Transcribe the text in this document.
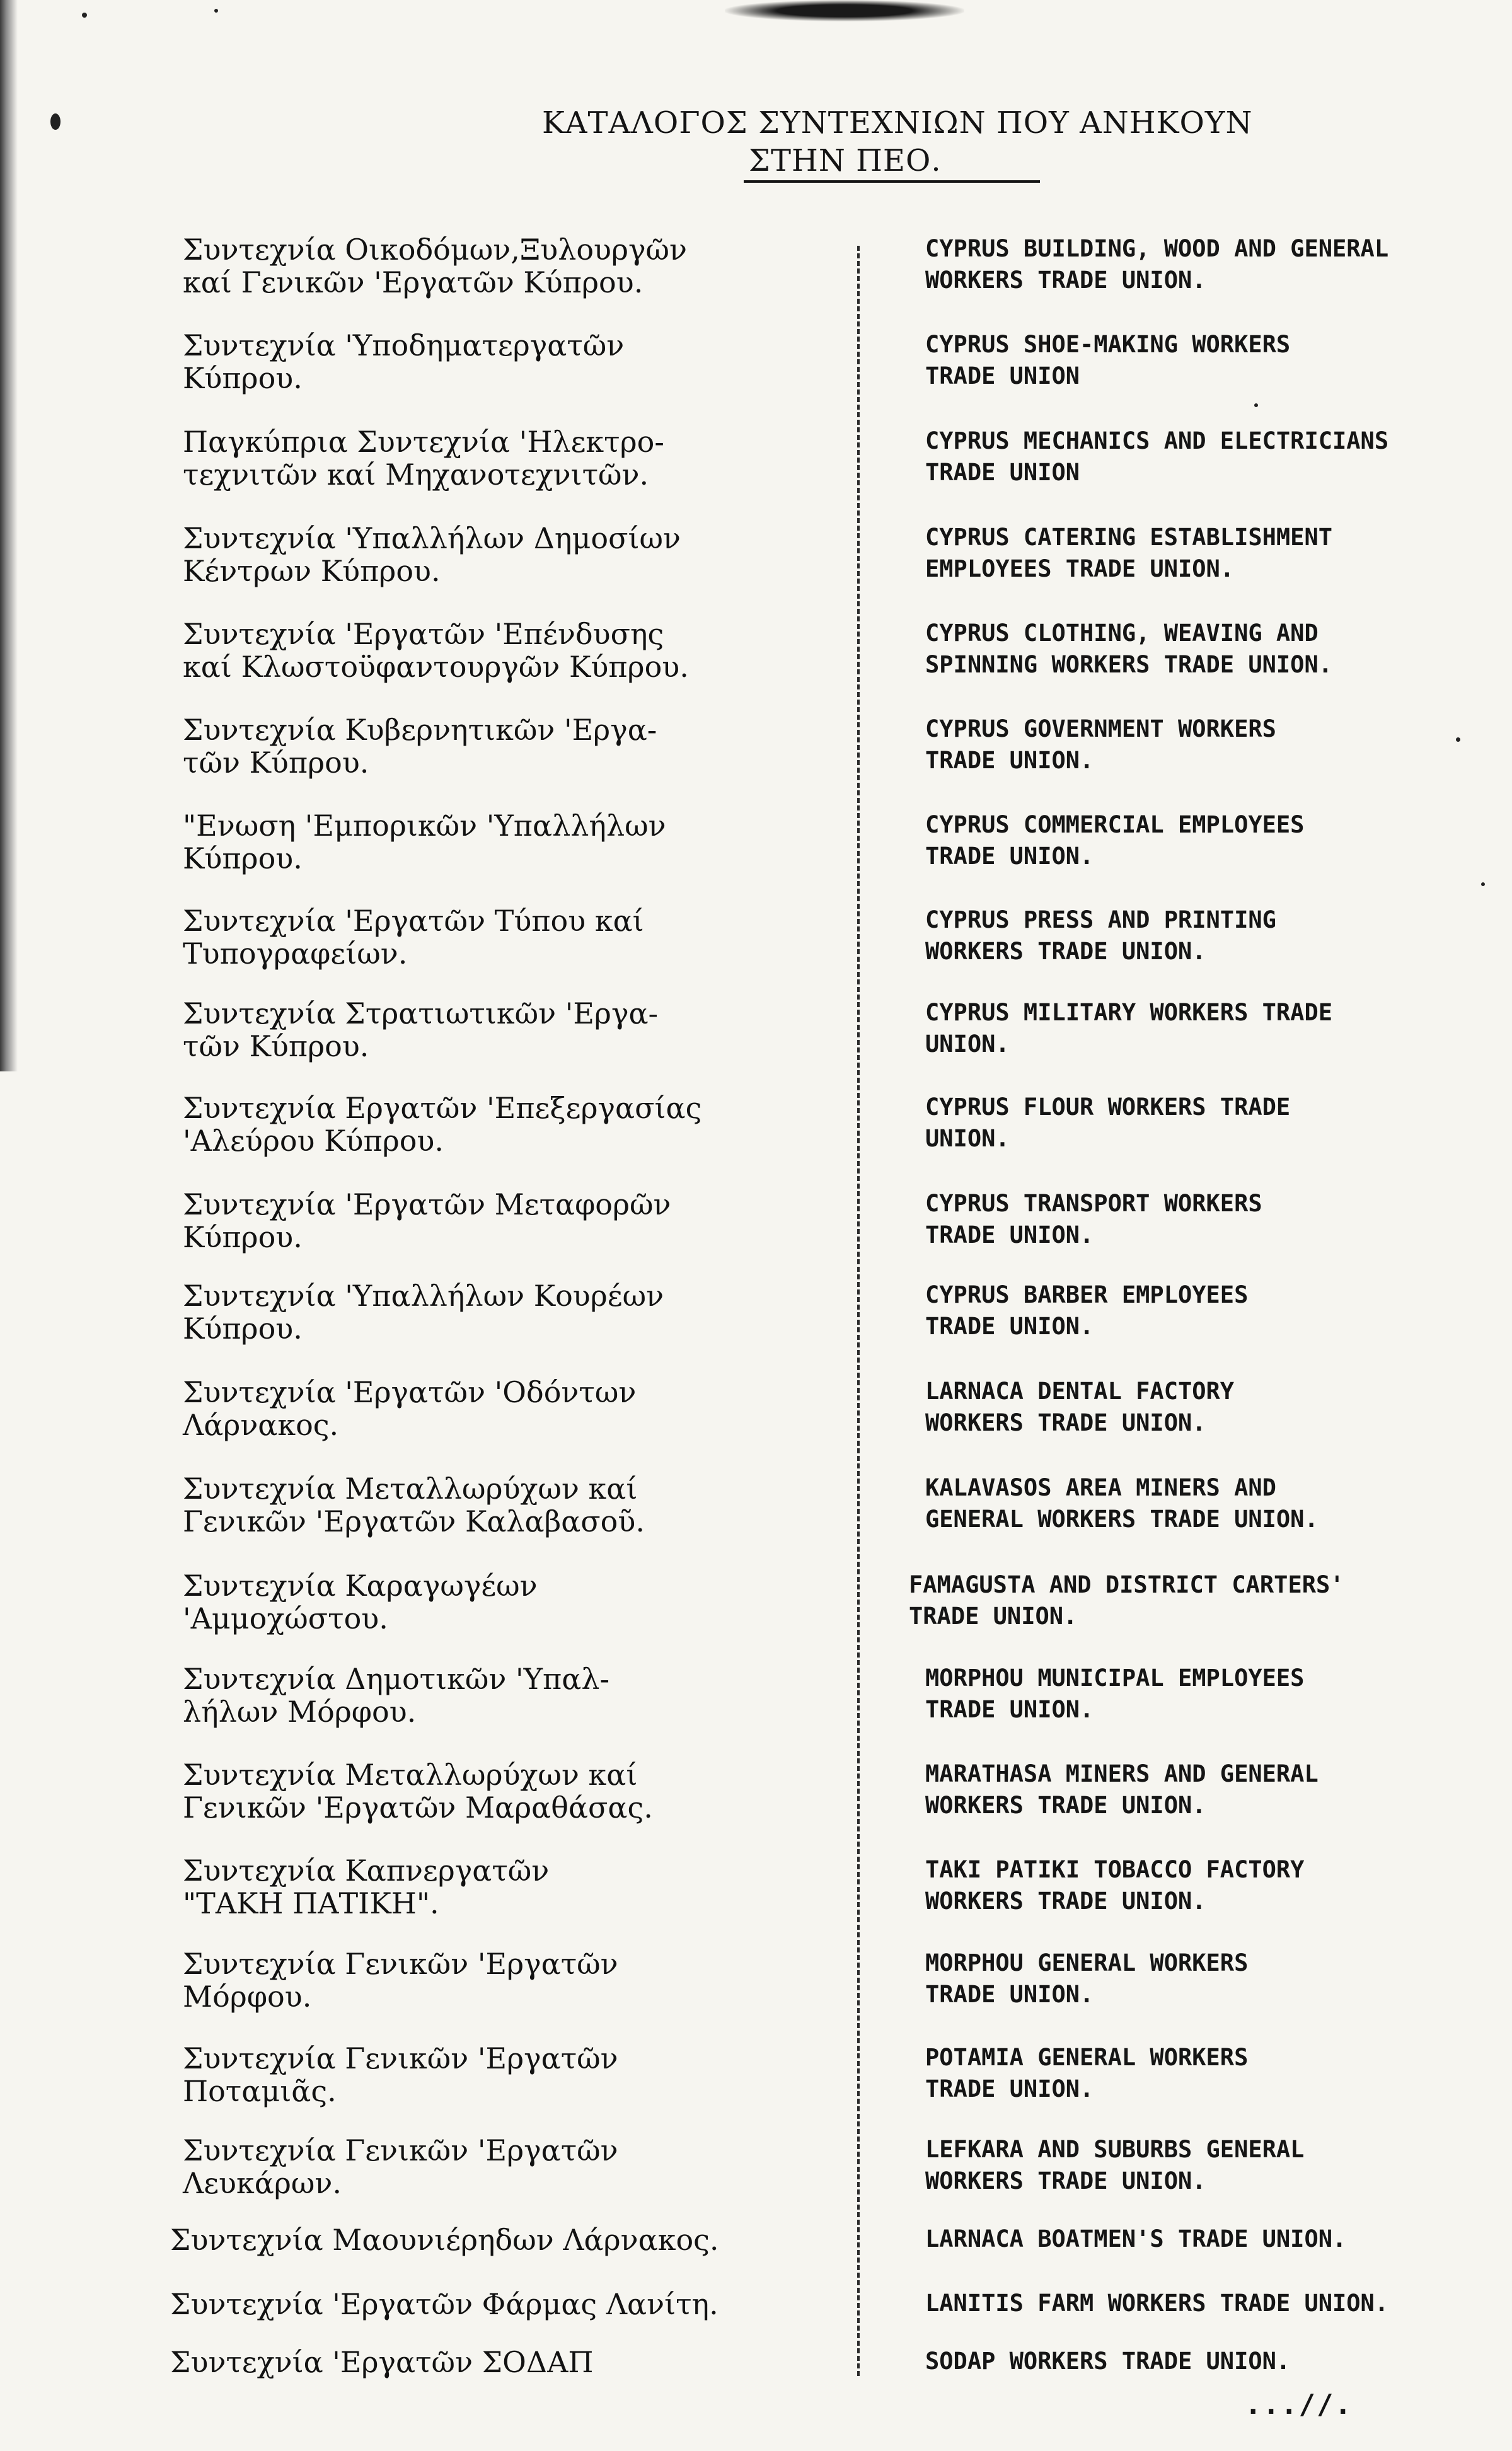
ΚΑΤΑΛΟΓΟΣ ΣΥΝΤΕΧΝΙΩΝ ΠΟΥ ΑΝΗΚΟΥΝ
ΣΤΗΝ ΠΕΟ.
Συντεχνία Οικοδόμων,Ξυλουργῶν
καί Γενικῶν 'Εργατῶν Κύπρου.
CYPRUS BUILDING, WOOD AND GENERAL
WORKERS TRADE UNION.
Συντεχνία 'Υποδηματεργατῶν
Κύπρου.
CYPRUS SHOE-MAKING WORKERS
TRADE UNION
Παγκύπρια Συντεχνία 'Ηλεκτρο-
τεχνιτῶν καί Μηχανοτεχνιτῶν.
CYPRUS MECHANICS AND ELECTRICIANS
TRADE UNION
Συντεχνία 'Υπαλλήλων Δημοσίων
Κέντρων Κύπρου.
CYPRUS CATERING ESTABLISHMENT
EMPLOYEES TRADE UNION.
Συντεχνία 'Εργατῶν 'Επένδυσης
καί Κλωστοϋφαντουργῶν Κύπρου.
CYPRUS CLOTHING, WEAVING AND
SPINNING WORKERS TRADE UNION.
Συντεχνία Κυβερνητικῶν 'Εργα-
τῶν Κύπρου.
CYPRUS GOVERNMENT WORKERS
TRADE UNION.
"Ενωση 'Εμπορικῶν 'Υπαλλήλων
Κύπρου.
CYPRUS COMMERCIAL EMPLOYEES
TRADE UNION.
Συντεχνία 'Εργατῶν Τύπου καί
Τυπογραφείων.
CYPRUS PRESS AND PRINTING
WORKERS TRADE UNION.
Συντεχνία Στρατιωτικῶν 'Εργα-
τῶν Κύπρου.
CYPRUS MILITARY WORKERS TRADE
UNION.
Συντεχνία Εργατῶν 'Επεξεργασίας
'Αλεύρου Κύπρου.
CYPRUS FLOUR WORKERS TRADE
UNION.
Συντεχνία 'Εργατῶν Μεταφορῶν
Κύπρου.
CYPRUS TRANSPORT WORKERS
TRADE UNION.
Συντεχνία 'Υπαλλήλων Κουρέων
Κύπρου.
CYPRUS BARBER EMPLOYEES
TRADE UNION.
Συντεχνία 'Εργατῶν 'Οδόντων
Λάρνακος.
LARNACA DENTAL FACTORY
WORKERS TRADE UNION.
Συντεχνία Μεταλλωρύχων καί
Γενικῶν 'Εργατῶν Καλαβασοῦ.
KALAVASOS AREA MINERS AND
GENERAL WORKERS TRADE UNION.
Συντεχνία Καραγωγέων
'Αμμοχώστου.
FAMAGUSTA AND DISTRICT CARTERS'
TRADE UNION.
Συντεχνία Δημοτικῶν 'Υπαλ-
λήλων Μόρφου.
MORPHOU MUNICIPAL EMPLOYEES
TRADE UNION.
Συντεχνία Μεταλλωρύχων καί
Γενικῶν 'Εργατῶν Μαραθάσας.
MARATHASA MINERS AND GENERAL
WORKERS TRADE UNION.
Συντεχνία Καπνεργατῶν
"ΤΑΚΗ ΠΑΤΙΚΗ".
TAKI PATIKI TOBACCO FACTORY
WORKERS TRADE UNION.
Συντεχνία Γενικῶν 'Εργατῶν
Μόρφου.
MORPHOU GENERAL WORKERS
TRADE UNION.
Συντεχνία Γενικῶν 'Εργατῶν
Ποταμιᾶς.
POTAMIA GENERAL WORKERS
TRADE UNION.
Συντεχνία Γενικῶν 'Εργατῶν
Λευκάρων.
LEFKARA AND SUBURBS GENERAL
WORKERS TRADE UNION.
Συντεχνία Μαουνιέρηδων Λάρνακος.	LARNACA BOATMEN'S TRADE UNION.
Συντεχνία 'Εργατῶν Φάρμας Λανίτη.	LANITIS FARM WORKERS TRADE UNION.
Συντεχνία 'Εργατῶν ΣΟΔΑΠ	SODAP WORKERS TRADE UNION.
...//.
